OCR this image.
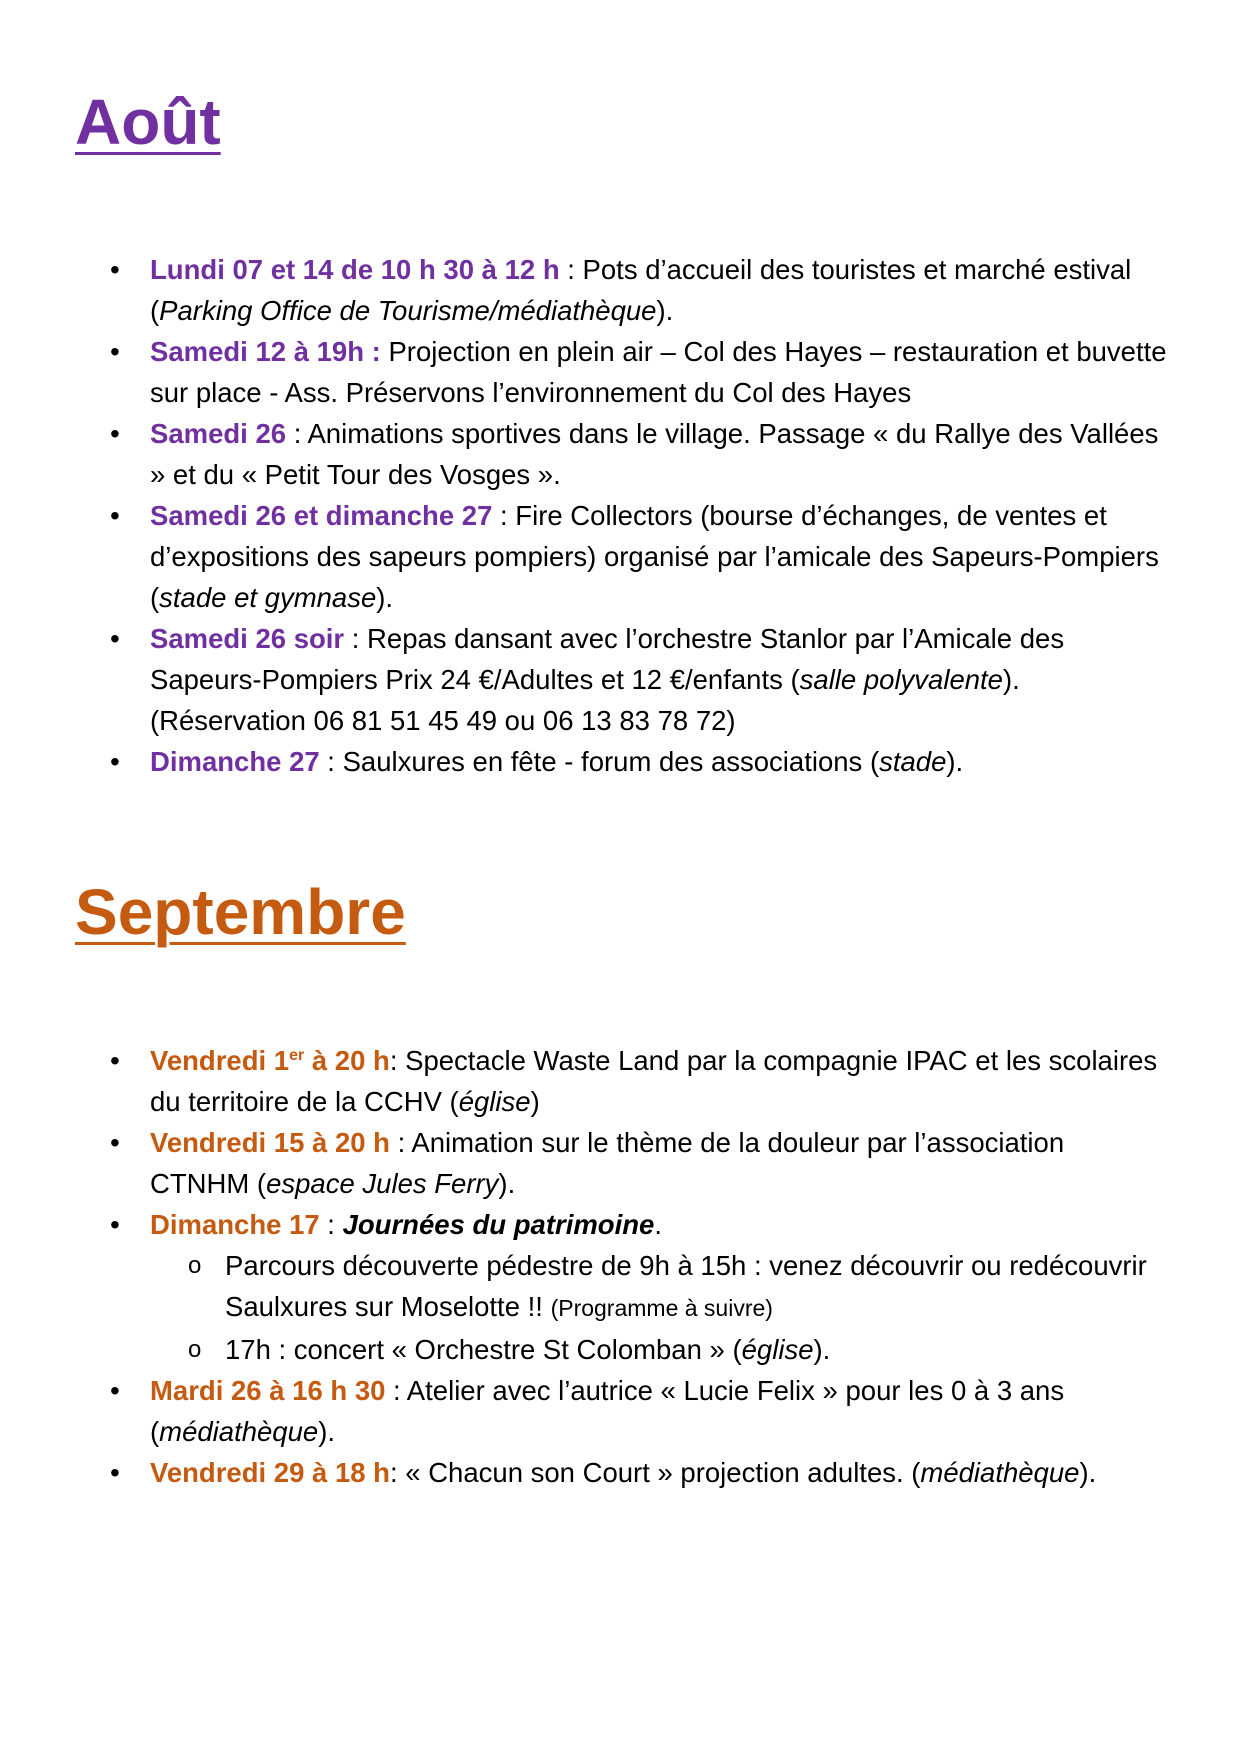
Août
• Lundi 07 et 14 de 10 h 30 à 12 h : Pots d’accueil des touristes et marché estival (Parking Office de Tourisme/médiathèque).
• Samedi 12 à 19h : Projection en plein air – Col des Hayes – restauration et buvette sur place - Ass. Préservons l’environnement du Col des Hayes
• Samedi 26 : Animations sportives dans le village. Passage « du Rallye des Vallées » et du « Petit Tour des Vosges ».
• Samedi 26 et dimanche 27 : Fire Collectors (bourse d’échanges, de ventes et d’expositions des sapeurs pompiers) organisé par l’amicale des Sapeurs-Pompiers (stade et gymnase).
• Samedi 26 soir : Repas dansant avec l’orchestre Stanlor par l’Amicale des Sapeurs-Pompiers Prix 24 €/Adultes et 12 €/enfants (salle polyvalente). (Réservation 06 81 51 45 49 ou 06 13 83 78 72)
• Dimanche 27 : Saulxures en fête - forum des associations (stade).
Septembre
• Vendredi 1er à 20 h: Spectacle Waste Land par la compagnie IPAC et les scolaires du territoire de la CCHV (église)
• Vendredi 15 à 20 h : Animation sur le thème de la douleur par l’association CTNHM (espace Jules Ferry).
• Dimanche 17 : Journées du patrimoine.
o Parcours découverte pédestre de 9h à 15h : venez découvrir ou redécouvrir Saulxures sur Moselotte !! (Programme à suivre)
o 17h : concert « Orchestre St Colomban » (église).
• Mardi 26 à 16 h 30 : Atelier avec l’autrice « Lucie Felix » pour les 0 à 3 ans (médiathèque).
• Vendredi 29 à 18 h: « Chacun son Court » projection adultes. (médiathèque).
